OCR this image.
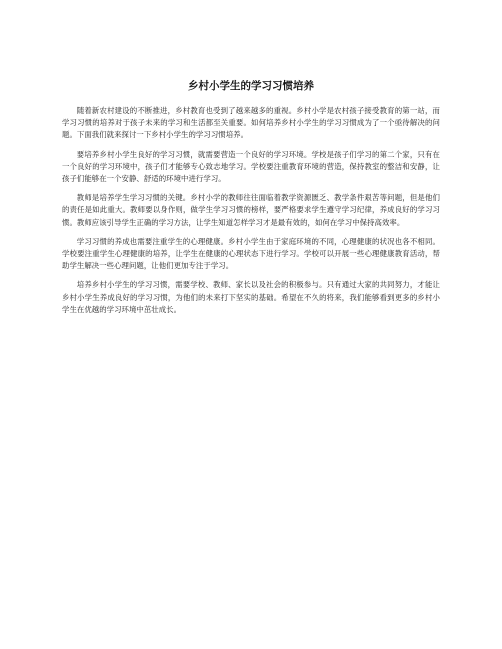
乡村小学生的学习习惯培养

随着新农村建设的不断推进，乡村教育也受到了越来越多的重视。乡村小学是农村孩子接受教育的第一站，而学习习惯的培养对于孩子未来的学习和生活都至关重要。如何培养乡村小学生的学习习惯成为了一个亟待解决的问题。下面我们就来探讨一下乡村小学生的学习习惯培养。

要培养乡村小学生良好的学习习惯，就需要营造一个良好的学习环境。学校是孩子们学习的第二个家，只有在一个良好的学习环境中，孩子们才能够专心致志地学习。学校要注重教育环境的营造，保持教室的整洁和安静，让孩子们能够在一个安静、舒适的环境中进行学习。

教师是培养学生学习习惯的关键。乡村小学的教师往往面临着教学资源匮乏、教学条件艰苦等问题，但是他们的责任是如此重大。教师要以身作则，做学生学习习惯的榜样，要严格要求学生遵守学习纪律，养成良好的学习习惯。教师应该引导学生正确的学习方法，让学生知道怎样学习才是最有效的，如何在学习中保持高效率。

学习习惯的养成也需要注重学生的心理健康。乡村小学生由于家庭环境的不同，心理健康的状况也各不相同。学校要注重学生心理健康的培养，让学生在健康的心理状态下进行学习。学校可以开展一些心理健康教育活动，帮助学生解决一些心理问题，让他们更加专注于学习。

培养乡村小学生的学习习惯，需要学校、教师、家长以及社会的积极参与。只有通过大家的共同努力，才能让乡村小学生养成良好的学习习惯，为他们的未来打下坚实的基础。希望在不久的将来，我们能够看到更多的乡村小学生在优越的学习环境中茁壮成长。
